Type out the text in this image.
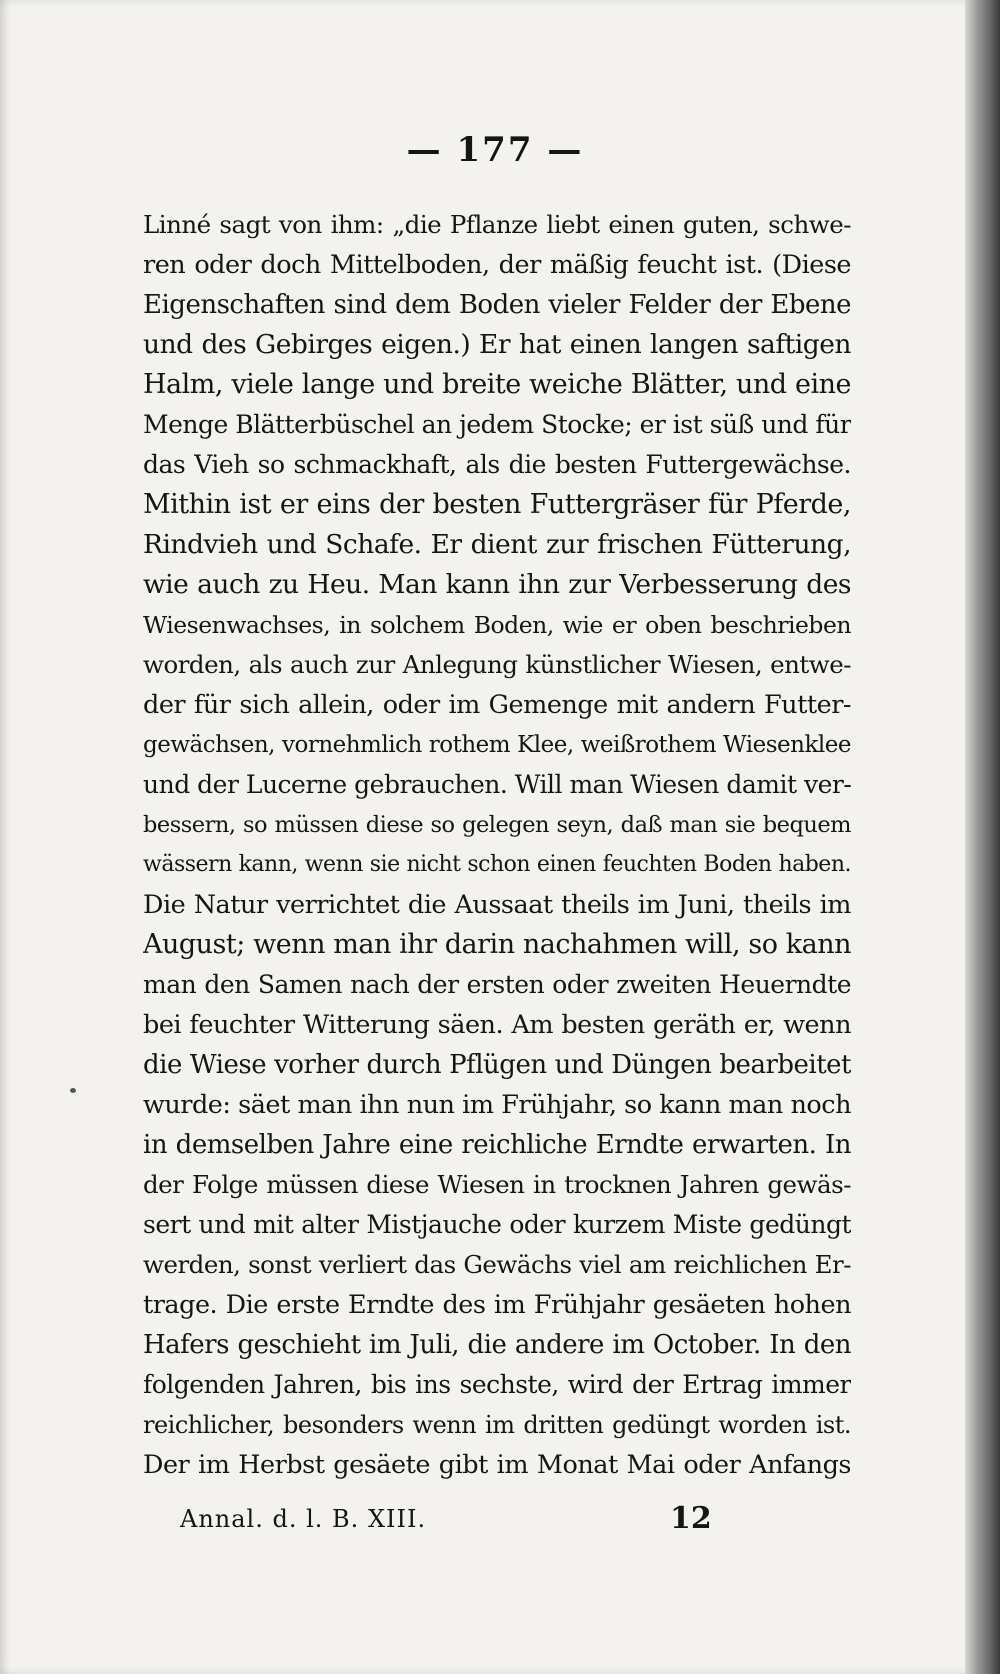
— 177 —
Linné sagt von ihm: „die Pflanze liebt einen guten, schwe-
ren oder doch Mittelboden, der mäßig feucht ist. (Diese
Eigenschaften sind dem Boden vieler Felder der Ebene
und des Gebirges eigen.) Er hat einen langen saftigen
Halm, viele lange und breite weiche Blätter, und eine
Menge Blätterbüschel an jedem Stocke; er ist süß und für
das Vieh so schmackhaft, als die besten Futtergewächse.
Mithin ist er eins der besten Futtergräser für Pferde,
Rindvieh und Schafe. Er dient zur frischen Fütterung,
wie auch zu Heu. Man kann ihn zur Verbesserung des
Wiesenwachses, in solchem Boden, wie er oben beschrieben
worden, als auch zur Anlegung künstlicher Wiesen, entwe-
der für sich allein, oder im Gemenge mit andern Futter-
gewächsen, vornehmlich rothem Klee, weißrothem Wiesenklee
und der Lucerne gebrauchen. Will man Wiesen damit ver-
bessern, so müssen diese so gelegen seyn, daß man sie bequem
wässern kann, wenn sie nicht schon einen feuchten Boden haben.
Die Natur verrichtet die Aussaat theils im Juni, theils im
August; wenn man ihr darin nachahmen will, so kann
man den Samen nach der ersten oder zweiten Heuerndte
bei feuchter Witterung säen. Am besten geräth er, wenn
die Wiese vorher durch Pflügen und Düngen bearbeitet
wurde: säet man ihn nun im Frühjahr, so kann man noch
in demselben Jahre eine reichliche Erndte erwarten. In
der Folge müssen diese Wiesen in trocknen Jahren gewäs-
sert und mit alter Mistjauche oder kurzem Miste gedüngt
werden, sonst verliert das Gewächs viel am reichlichen Er-
trage. Die erste Erndte des im Frühjahr gesäeten hohen
Hafers geschieht im Juli, die andere im October. In den
folgenden Jahren, bis ins sechste, wird der Ertrag immer
reichlicher, besonders wenn im dritten gedüngt worden ist.
Der im Herbst gesäete gibt im Monat Mai oder Anfangs
Annal. d. l. B. XIII.	12
